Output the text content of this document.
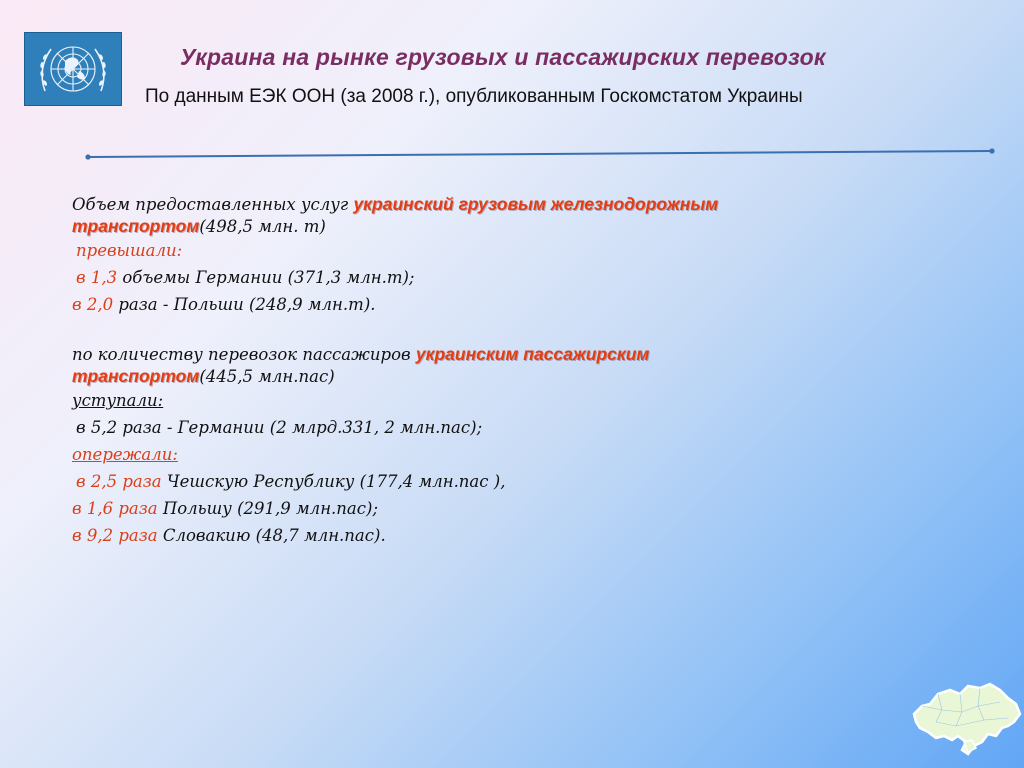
Украина на рынке грузовых и пассажирских перевозок
По данным ЕЭК ООН (за 2008 г.), опубликованным Госкомстатом Украины
Объем предоставленных услуг украинский грузовым железнодорожным
транспортом(498,5 млн. т)
превышали:
в 1,3 объемы Германии (371,3 млн.т);
в 2,0 раза - Польши (248,9 млн.т).
по количеству перевозок пассажиров украинским пассажирским
транспортом(445,5 млн.пас)
уступали:
в 5,2 раза - Германии (2 млрд.331, 2 млн.пас);
опережали:
в 2,5 раза Чешскую Республику (177,4 млн.пас ),
в 1,6 раза Польшу (291,9 млн.пас);
в 9,2 раза Словакию (48,7 млн.пас).
